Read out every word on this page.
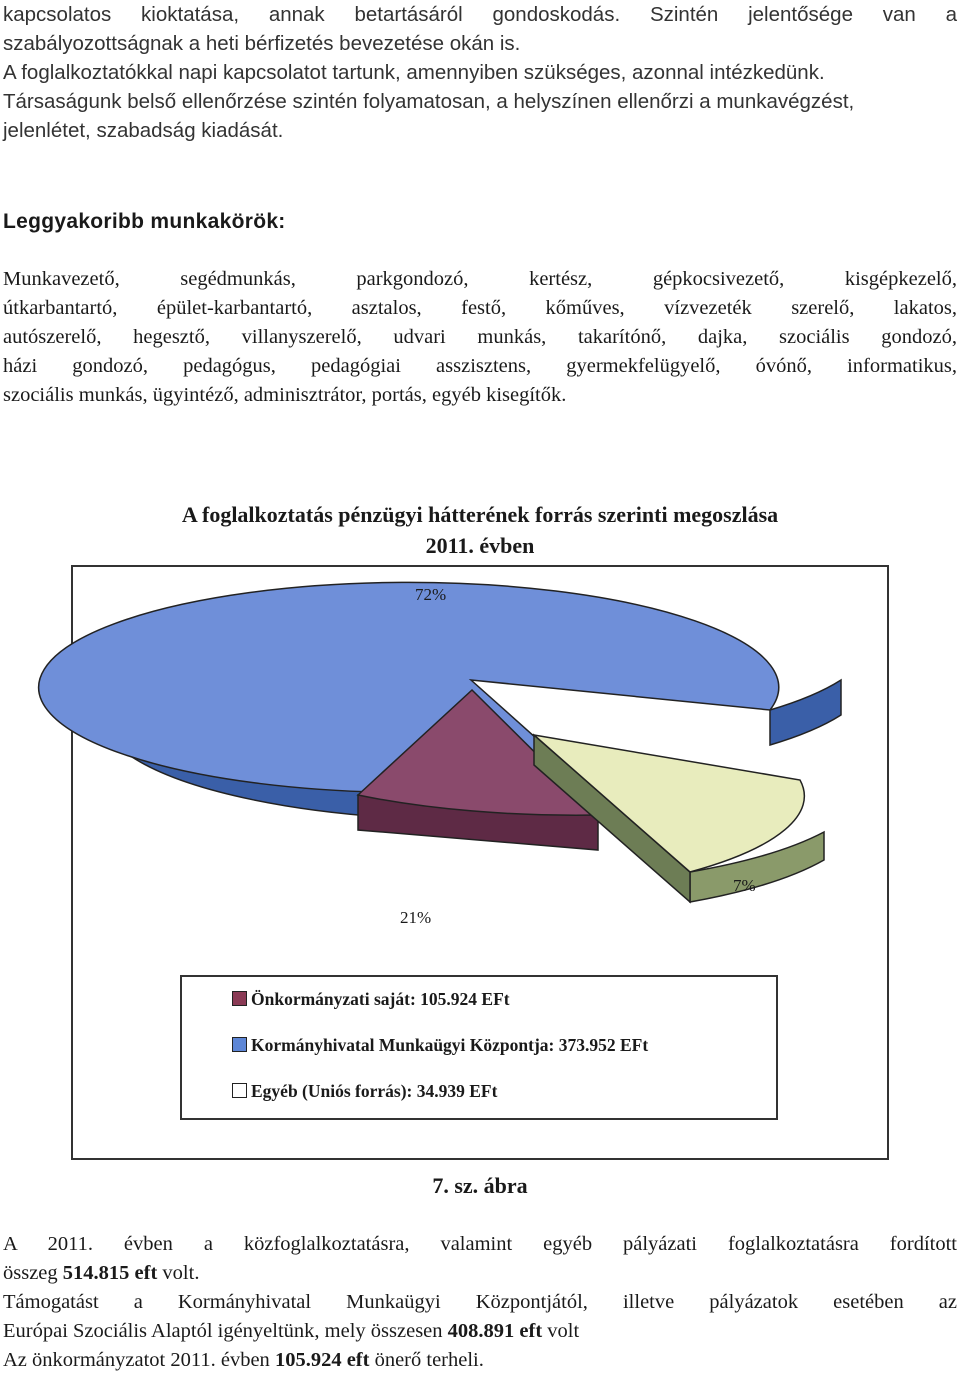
kapcsolatos kioktatása, annak betartásáról gondoskodás. Szintén jelentősége van a
szabályozottságnak a heti bérfizetés bevezetése okán is.
A foglalkoztatókkal napi kapcsolatot tartunk, amennyiben szükséges, azonnal intézkedünk.
Társaságunk belső ellenőrzése szintén folyamatosan, a helyszínen ellenőrzi a munkavégzést,
jelenlétet, szabadság kiadását.
Leggyakoribb munkakörök:
Munkavezető, segédmunkás, parkgondozó, kertész, gépkocsivezető, kisgépkezelő,
útkarbantartó, épület-karbantartó, asztalos, festő, kőműves, vízvezeték szerelő, lakatos,
autószerelő, hegesztő, villanyszerelő, udvari munkás, takarítónő, dajka, szociális gondozó,
házi gondozó, pedagógus, pedagógiai asszisztens, gyermekfelügyelő, óvónő, informatikus,
szociális munkás, ügyintéző, adminisztrátor, portás, egyéb kisegítők.
A foglalkoztatás pénzügyi hátterének forrás szerinti megoszlása
2011. évben
72%
21%
7%
Önkormányzati saját: 105.924 EFt
Kormányhivatal Munkaügyi Központja: 373.952 EFt
Egyéb (Uniós forrás): 34.939 EFt
7. sz. ábra
A 2011. évben a közfoglalkoztatásra, valamint egyéb pályázati foglalkoztatásra fordított
összeg 514.815 eft volt.
Támogatást a Kormányhivatal Munkaügyi Központjától, illetve pályázatok esetében az
Európai Szociális Alaptól igényeltünk, mely összesen 408.891 eft volt
Az önkormányzatot 2011. évben 105.924 eft önerő terheli.
